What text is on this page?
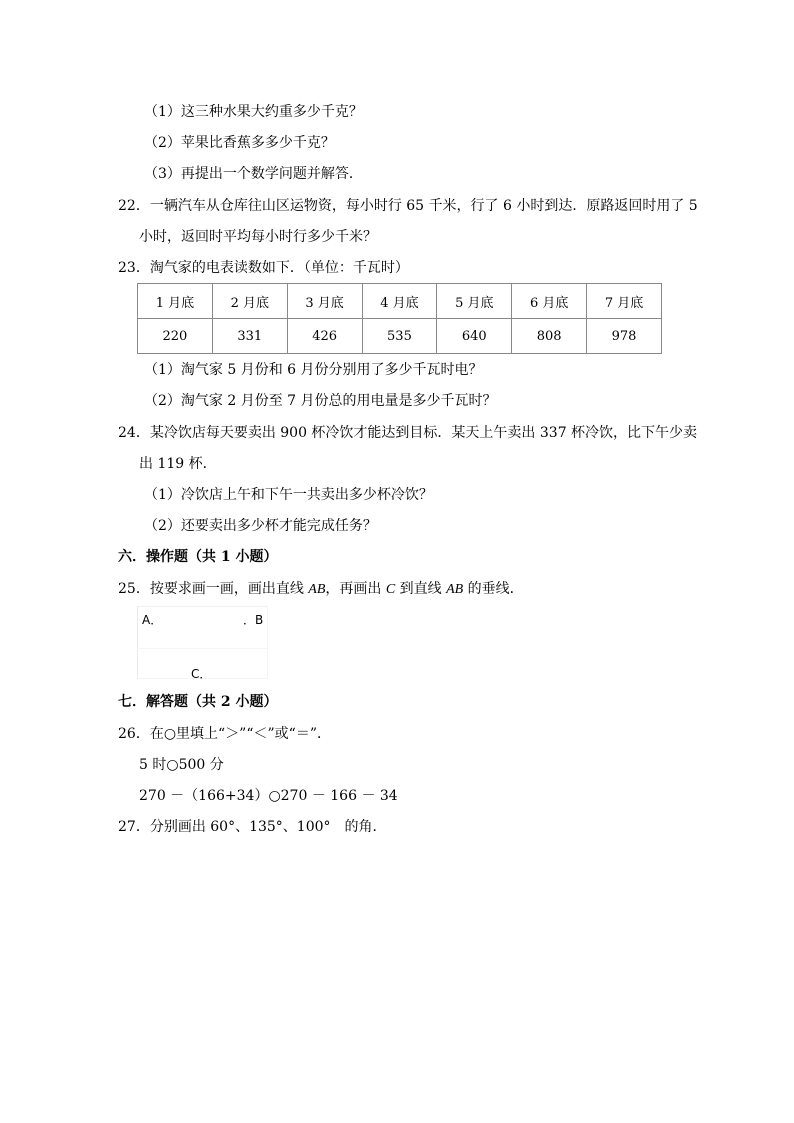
（1）这三种水果大约重多少千克？
（2）苹果比香蕉多多少千克？
（3）再提出一个数学问题并解答．
22．一辆汽车从仓库往山区运物资，每小时行 65 千米，行了 6 小时到达．原路返回时用了 5
小时，返回时平均每小时行多少千米？
23．淘气家的电表读数如下．（单位：千瓦时）
1 月底	2 月底	3 月底	4 月底	5 月底	6 月底	7 月底
220	331	426	535	640	808	978
（1）淘气家 5 月份和 6 月份分别用了多少千瓦时电？
（2）淘气家 2 月份至 7 月份总的用电量是多少千瓦时？
24．某冷饮店每天要卖出 900 杯冷饮才能达到目标．某天上午卖出 337 杯冷饮，比下午少卖
出 119 杯．
（1）冷饮店上午和下午一共卖出多少杯冷饮？
（2）还要卖出多少杯才能完成任务？
六．操作题（共 1 小题）
25．按要求画一画，画出直线 AB，再画出 C 到直线 AB 的垂线．
A．	．B
C．
七．解答题（共 2 小题）
26．在○里填上“＞”“＜”或“＝”．
5 时○500 分
270 －（166+34）○270 － 166 － 34
27．分别画出 60°、135°、100°　的角．
